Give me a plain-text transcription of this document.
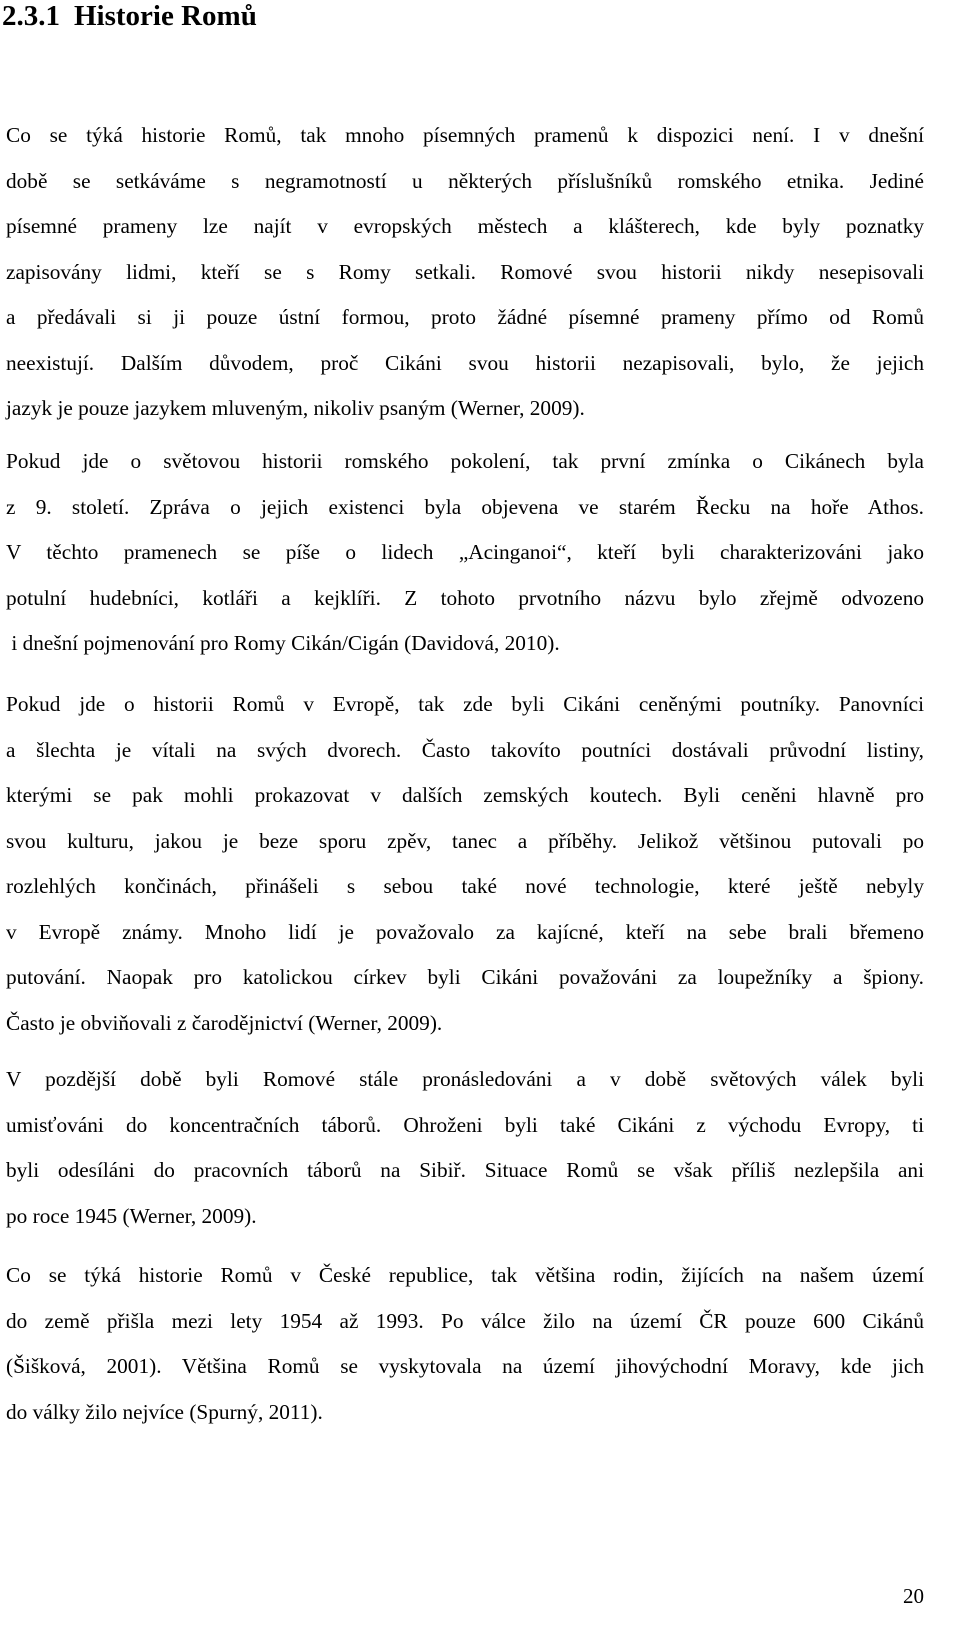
2.3.1 Historie Romů

Co se týká historie Romů, tak mnoho písemných pramenů k dispozici není. I v dnešní
době se setkáváme s negramotností u některých příslušníků romského etnika. Jediné
písemné prameny lze najít v evropských městech a klášterech, kde byly poznatky
zapisovány lidmi, kteří se s Romy setkali. Romové svou historii nikdy nesepisovali
a předávali si ji pouze ústní formou, proto žádné písemné prameny přímo od Romů
neexistují. Dalším důvodem, proč Cikáni svou historii nezapisovali, bylo, že jejich
jazyk je pouze jazykem mluveným, nikoliv psaným (Werner, 2009).

Pokud jde o světovou historii romského pokolení, tak první zmínka o Cikánech byla
z 9. století. Zpráva o jejich existenci byla objevena ve starém Řecku na hoře Athos.
V těchto pramenech se píše o lidech „Acinganoi“, kteří byli charakterizováni jako
potulní hudebníci, kotláři a kejklíři. Z tohoto prvotního názvu bylo zřejmě odvozeno
i dnešní pojmenování pro Romy Cikán/Cigán (Davidová, 2010).

Pokud jde o historii Romů v Evropě, tak zde byli Cikáni ceněnými poutníky. Panovníci
a šlechta je vítali na svých dvorech. Často takovíto poutníci dostávali průvodní listiny,
kterými se pak mohli prokazovat v dalších zemských koutech. Byli ceněni hlavně pro
svou kulturu, jakou je beze sporu zpěv, tanec a příběhy. Jelikož většinou putovali po
rozlehlých končinách, přinášeli s sebou také nové technologie, které ještě nebyly
v Evropě známy. Mnoho lidí je považovalo za kajícné, kteří na sebe brali břemeno
putování. Naopak pro katolickou církev byli Cikáni považováni za loupežníky a špiony.
Často je obviňovali z čarodějnictví (Werner, 2009).

V pozdější době byli Romové stále pronásledováni a v době světových válek byli
umisťováni do koncentračních táborů. Ohroženi byli také Cikáni z východu Evropy, ti
byli odesíláni do pracovních táborů na Sibiř. Situace Romů se však příliš nezlepšila ani
po roce 1945 (Werner, 2009).

Co se týká historie Romů v České republice, tak většina rodin, žijících na našem území
do země přišla mezi lety 1954 až 1993. Po válce žilo na území ČR pouze 600 Cikánů
(Šišková, 2001). Většina Romů se vyskytovala na území jihovýchodní Moravy, kde jich
do války žilo nejvíce (Spurný, 2011).

20
